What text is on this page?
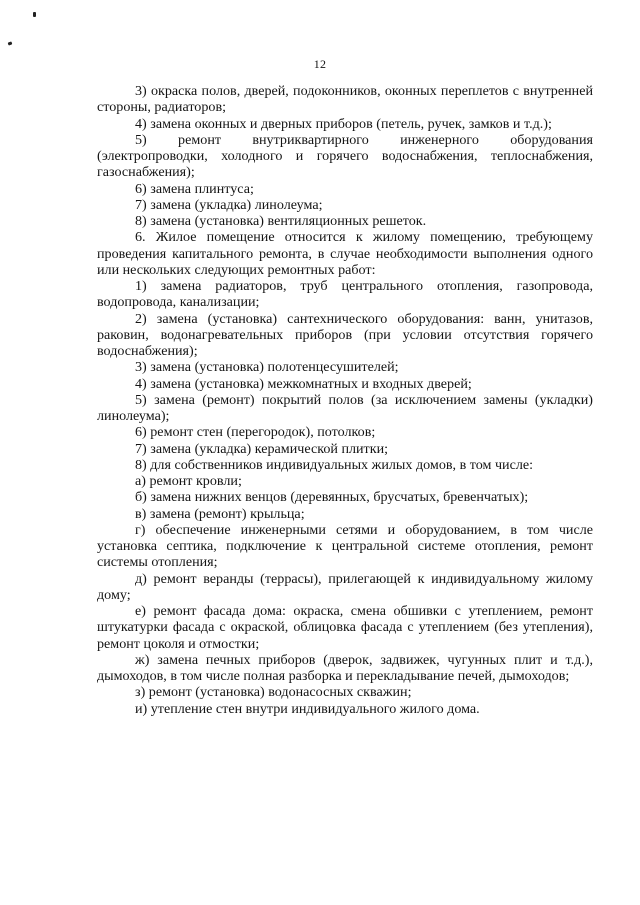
12

3) окраска полов, дверей, подоконников, оконных переплетов с внутренней стороны, радиаторов;

4) замена оконных и дверных приборов (петель, ручек, замков и т.д.);

5) ремонт внутриквартирного инженерного оборудования (электропроводки, холодного и горячего водоснабжения, теплоснабжения, газоснабжения);

6) замена плинтуса;

7) замена (укладка) линолеума;

8) замена (установка) вентиляционных решеток.

6. Жилое помещение относится к жилому помещению, требующему проведения капитального ремонта, в случае необходимости выполнения одного или нескольких следующих ремонтных работ:

1) замена радиаторов, труб центрального отопления, газопровода, водопровода, канализации;

2) замена (установка) сантехнического оборудования: ванн, унитазов, раковин, водонагревательных приборов (при условии отсутствия горячего водоснабжения);

3) замена (установка) полотенцесушителей;

4) замена (установка) межкомнатных и входных дверей;

5) замена (ремонт) покрытий полов (за исключением замены (укладки) линолеума);

6) ремонт стен (перегородок), потолков;

7) замена (укладка) керамической плитки;

8) для собственников индивидуальных жилых домов, в том числе:

а) ремонт кровли;

б) замена нижних венцов (деревянных, брусчатых, бревенчатых);

в) замена (ремонт) крыльца;

г) обеспечение инженерными сетями и оборудованием, в том числе установка септика, подключение к центральной системе отопления, ремонт системы отопления;

д) ремонт веранды (террасы), прилегающей к индивидуальному жилому дому;

е) ремонт фасада дома: окраска, смена обшивки с утеплением, ремонт штукатурки фасада с окраской, облицовка фасада с утеплением (без утепления), ремонт цоколя и отмостки;

ж) замена печных приборов (дверок, задвижек, чугунных плит и т.д.), дымоходов, в том числе полная разборка и перекладывание печей, дымоходов;

з) ремонт (установка) водонасосных скважин;

и) утепление стен внутри индивидуального жилого дома.
